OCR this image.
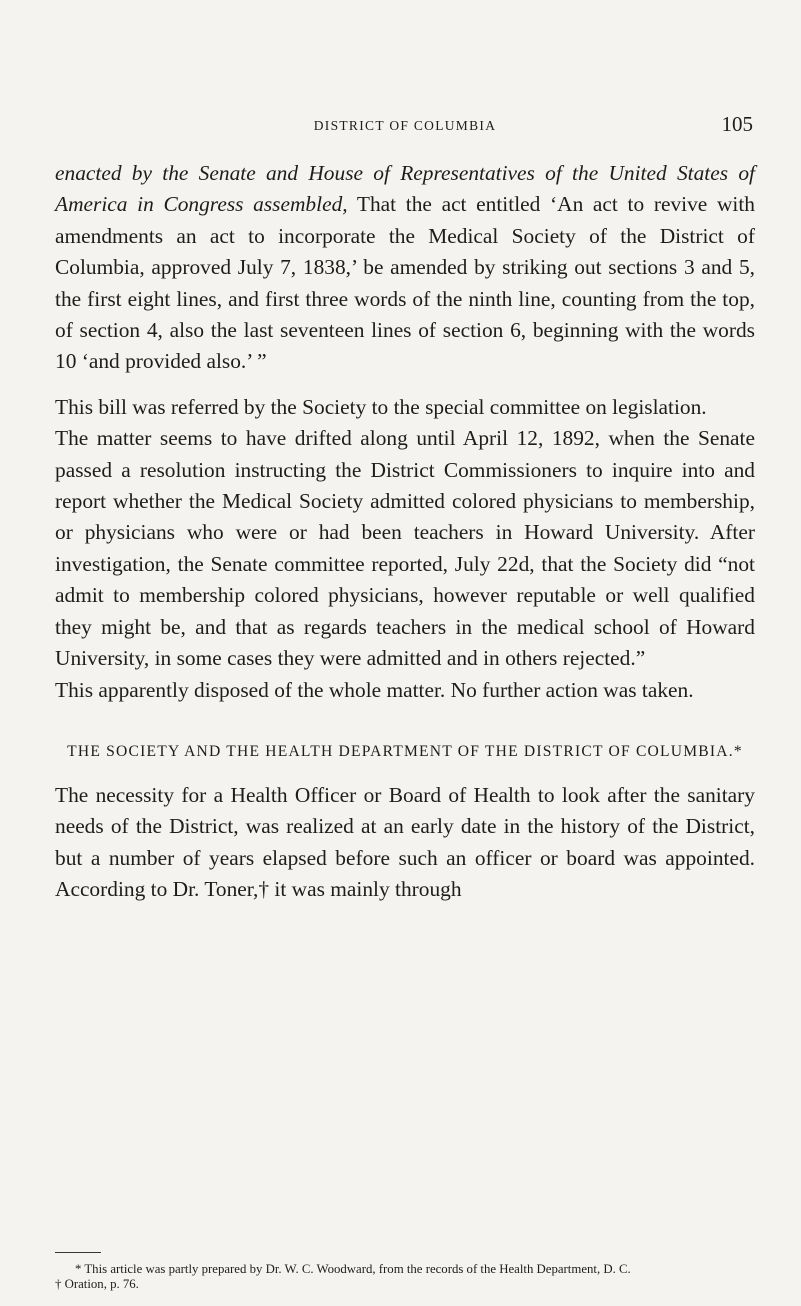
DISTRICT OF COLUMBIA	105

enacted by the Senate and House of Representatives of the United States of America in Congress assembled, That the act entitled ‘An act to revive with amendments an act to incorporate the Medical Society of the District of Columbia, approved July 7, 1838,’ be amended by striking out sections 3 and 5, the first eight lines, and first three words of the ninth line, counting from the top, of section 4, also the last seventeen lines of section 6, beginning with the words 10 ‘and provided also.’ ”

This bill was referred by the Society to the special committee on legislation.

The matter seems to have drifted along until April 12, 1892, when the Senate passed a resolution instructing the District Commissioners to inquire into and report whether the Medical Society admitted colored physicians to membership, or physicians who were or had been teachers in Howard University. After investigation, the Senate committee reported, July 22d, that the Society did “not admit to membership colored physicians, however reputable or well qualified they might be, and that as regards teachers in the medical school of Howard University, in some cases they were admitted and in others rejected.”

This apparently disposed of the whole matter. No further action was taken.

THE SOCIETY AND THE HEALTH DEPARTMENT OF THE DISTRICT OF COLUMBIA.*

The necessity for a Health Officer or Board of Health to look after the sanitary needs of the District, was realized at an early date in the history of the District, but a number of years elapsed before such an officer or board was appointed. According to Dr. Toner,† it was mainly through

* This article was partly prepared by Dr. W. C. Woodward, from the records of the Health Department, D. C.

† Oration, p. 76.
